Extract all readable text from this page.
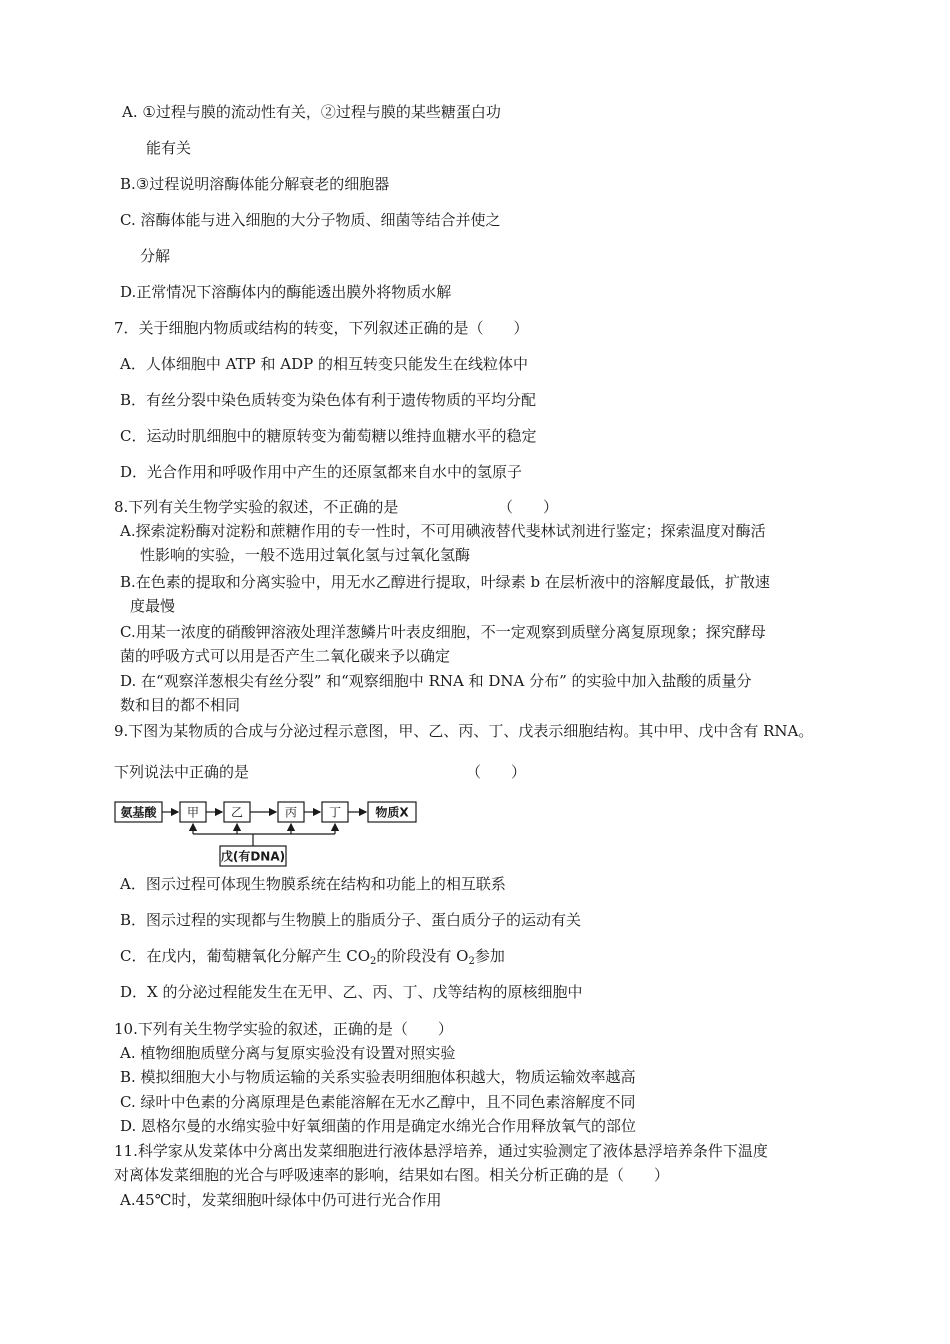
A. ①过程与膜的流动性有关，②过程与膜的某些糖蛋白功
能有关
B.③过程说明溶酶体能分解衰老的细胞器
C. 溶酶体能与进入细胞的大分子物质、细菌等结合并使之
分解
D.正常情况下溶酶体内的酶能透出膜外将物质水解
7．关于细胞内物质或结构的转变，下列叙述正确的是（　　）
A．人体细胞中 ATP 和 ADP 的相互转变只能发生在线粒体中
B．有丝分裂中染色质转变为染色体有利于遗传物质的平均分配
C．运动时肌细胞中的糖原转变为葡萄糖以维持血糖水平的稳定
D．光合作用和呼吸作用中产生的还原氢都来自水中的氢原子
8.下列有关生物学实验的叙述，不正确的是	（　　）
A.探索淀粉酶对淀粉和蔗糖作用的专一性时，不可用碘液替代斐林试剂进行鉴定；探索温度对酶活
性影响的实验，一般不选用过氧化氢与过氧化氢酶
B.在色素的提取和分离实验中，用无水乙醇进行提取，叶绿素 b 在层析液中的溶解度最低，扩散速
度最慢
C.用某一浓度的硝酸钾溶液处理洋葱鳞片叶表皮细胞，不一定观察到质壁分离复原现象；探究酵母
菌的呼吸方式可以用是否产生二氧化碳来予以确定
D. 在“观察洋葱根尖有丝分裂” 和“观察细胞中 RNA 和 DNA 分布” 的实验中加入盐酸的质量分
数和目的都不相同
9.下图为某物质的合成与分泌过程示意图，甲、乙、丙、丁、戊表示细胞结构。其中甲、戊中含有 RNA。
下列说法中正确的是	（　　）
氨基酸	甲	乙	丙	丁	物质X
戊(有DNA)
A．图示过程可体现生物膜系统在结构和功能上的相互联系
B．图示过程的实现都与生物膜上的脂质分子、蛋白质分子的运动有关
C．在戊内，葡萄糖氧化分解产生 $CO_2$的阶段没有 $O_2$参加
D．X 的分泌过程能发生在无甲、乙、丙、丁、戊等结构的原核细胞中
10.下列有关生物学实验的叙述，正确的是（　　）
A. 植物细胞质壁分离与复原实验没有设置对照实验
B. 模拟细胞大小与物质运输的关系实验表明细胞体积越大，物质运输效率越高
C. 绿叶中色素的分离原理是色素能溶解在无水乙醇中，且不同色素溶解度不同
D. 恩格尔曼的水绵实验中好氧细菌的作用是确定水绵光合作用释放氧气的部位
11.科学家从发菜体中分离出发菜细胞进行液体悬浮培养，通过实验测定了液体悬浮培养条件下温度
对离体发菜细胞的光合与呼吸速率的影响，结果如右图。相关分析正确的是（　　）
A.45℃时，发菜细胞叶绿体中仍可进行光合作用
